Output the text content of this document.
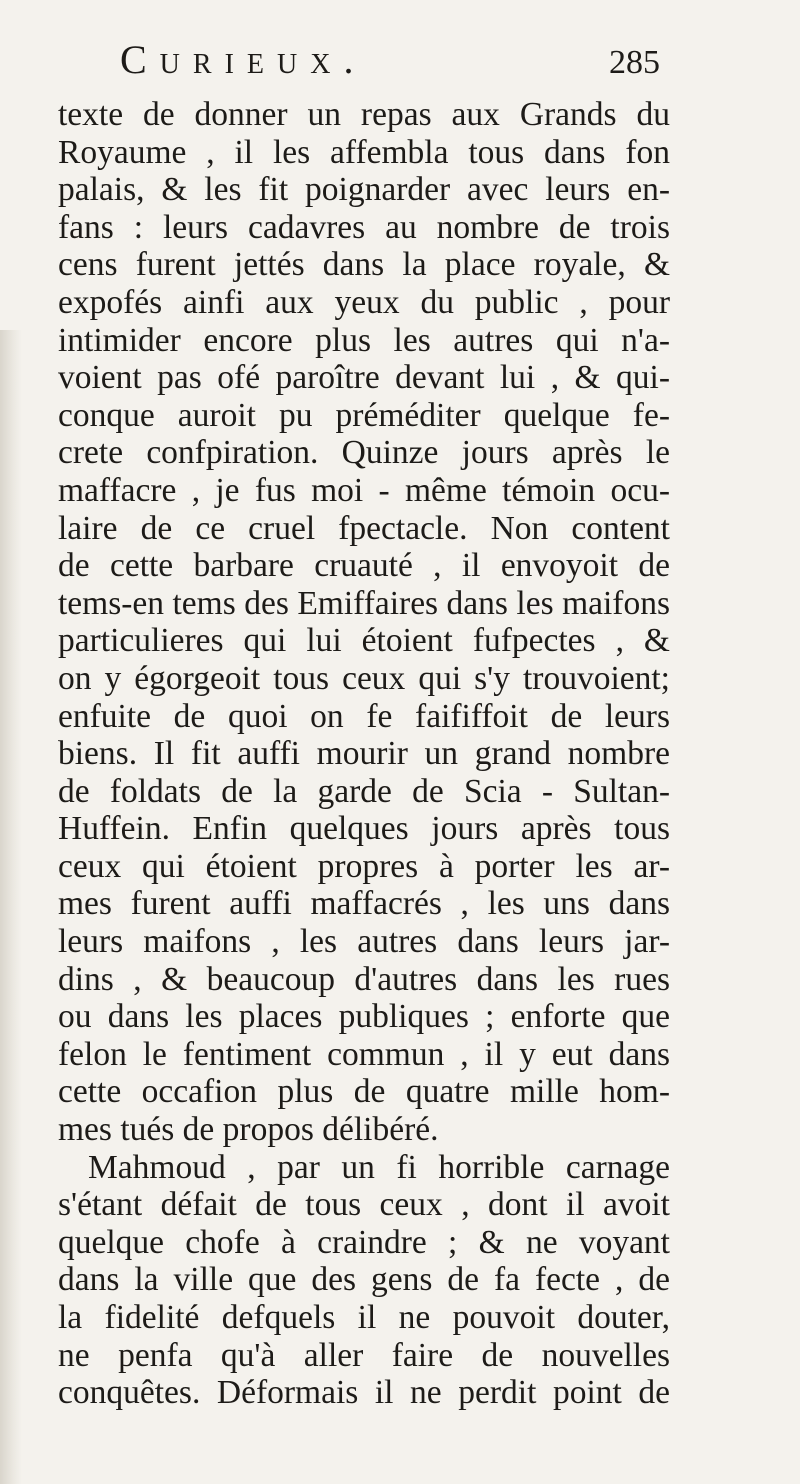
Curieux.	285
texte de donner un repas aux Grands du
Royaume , il les affembla tous dans fon
palais, & les fit poignarder avec leurs en-
fans : leurs cadavres au nombre de trois
cens furent jettés dans la place royale, &
expofés ainfi aux yeux du public , pour
intimider encore plus les autres qui n'a-
voient pas ofé paroître devant lui , & qui-
conque auroit pu préméditer quelque fe-
crete confpiration. Quinze jours après le
maffacre , je fus moi - même témoin ocu-
laire de ce cruel fpectacle. Non content
de cette barbare cruauté , il envoyoit de
tems-en tems des Emiffaires dans les maifons
particulieres qui lui étoient fufpectes , &
on y égorgeoit tous ceux qui s'y trouvoient;
enfuite de quoi on fe faififfoit de leurs
biens. Il fit auffi mourir un grand nombre
de foldats de la garde de Scia - Sultan-
Huffein. Enfin quelques jours après tous
ceux qui étoient propres à porter les ar-
mes furent auffi maffacrés , les uns dans
leurs maifons , les autres dans leurs jar-
dins , & beaucoup d'autres dans les rues
ou dans les places publiques ; enforte que
felon le fentiment commun , il y eut dans
cette occafion plus de quatre mille hom-
mes tués de propos délibéré.
Mahmoud , par un fi horrible carnage
s'étant défait de tous ceux , dont il avoit
quelque chofe à craindre ; & ne voyant
dans la ville que des gens de fa fecte , de
la fidelité defquels il ne pouvoit douter,
ne penfa qu'à aller faire de nouvelles
conquêtes. Déformais il ne perdit point de
